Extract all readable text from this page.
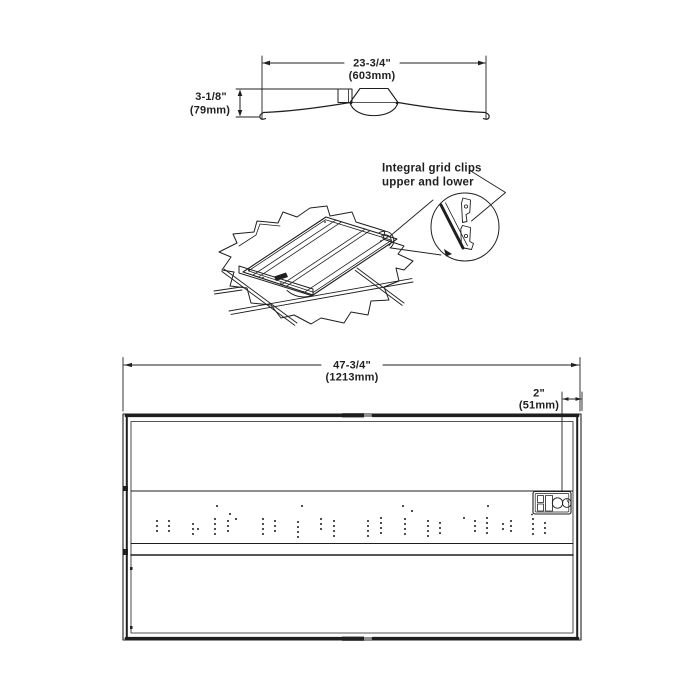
23-3/4"
(603mm)
3-1/8"
(79mm)
Integral grid clips
upper and lower
47-3/4"
(1213mm)
2"
(51mm)
